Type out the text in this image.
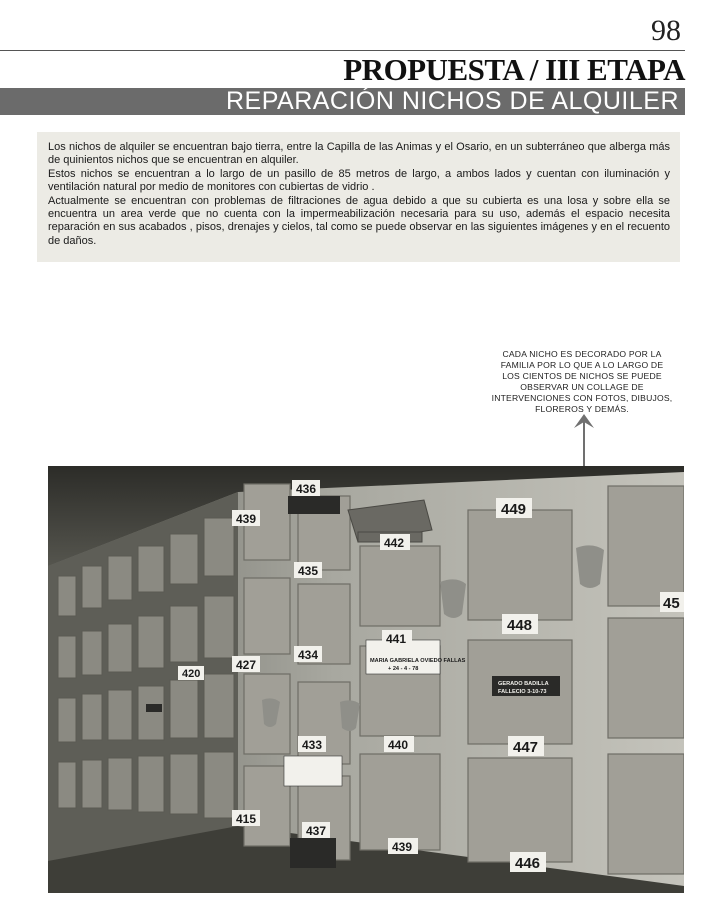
98
PROPUESTA / III ETAPA
REPARACIÓN NICHOS DE ALQUILER

Los nichos de alquiler se encuentran bajo tierra, entre la Capilla de las Animas y el Osario, en un subterráneo que alberga más de quinientos nichos que se encuentran en alquiler.

Estos nichos se encuentran a lo largo de un pasillo de 85 metros de largo, a ambos lados y cuentan con iluminación y ventilación natural por medio de monitores con cubiertas de vidrio .

Actualmente se encuentran con problemas de filtraciones de agua debido a que su cubierta es una losa y sobre ella se encuentra un area verde que no cuenta con la impermeabilización necesaria para su uso, además el espacio necesita reparación en sus acabados , pisos, drenajes y cielos, tal como se puede observar en las siguientes imágenes y en el recuento de daños.

CADA NICHO ES DECORADO POR LA
FAMILIA POR LO QUE A LO LARGO DE
LOS CIENTOS DE NICHOS SE PUEDE
OBSERVAR UN COLLAGE DE
INTERVENCIONES CON FOTOS, DIBUJOS,
FLOREROS Y DEMÁS.
436
439
435
449
442
441
448
427
434
420
433	440	447
415
437
439
446
45
MARIA GABRIELA OVIEDO FALLAS
+ 24 - 4 - 78
GERADO BADILLA
FALLECIO 3-10-73
